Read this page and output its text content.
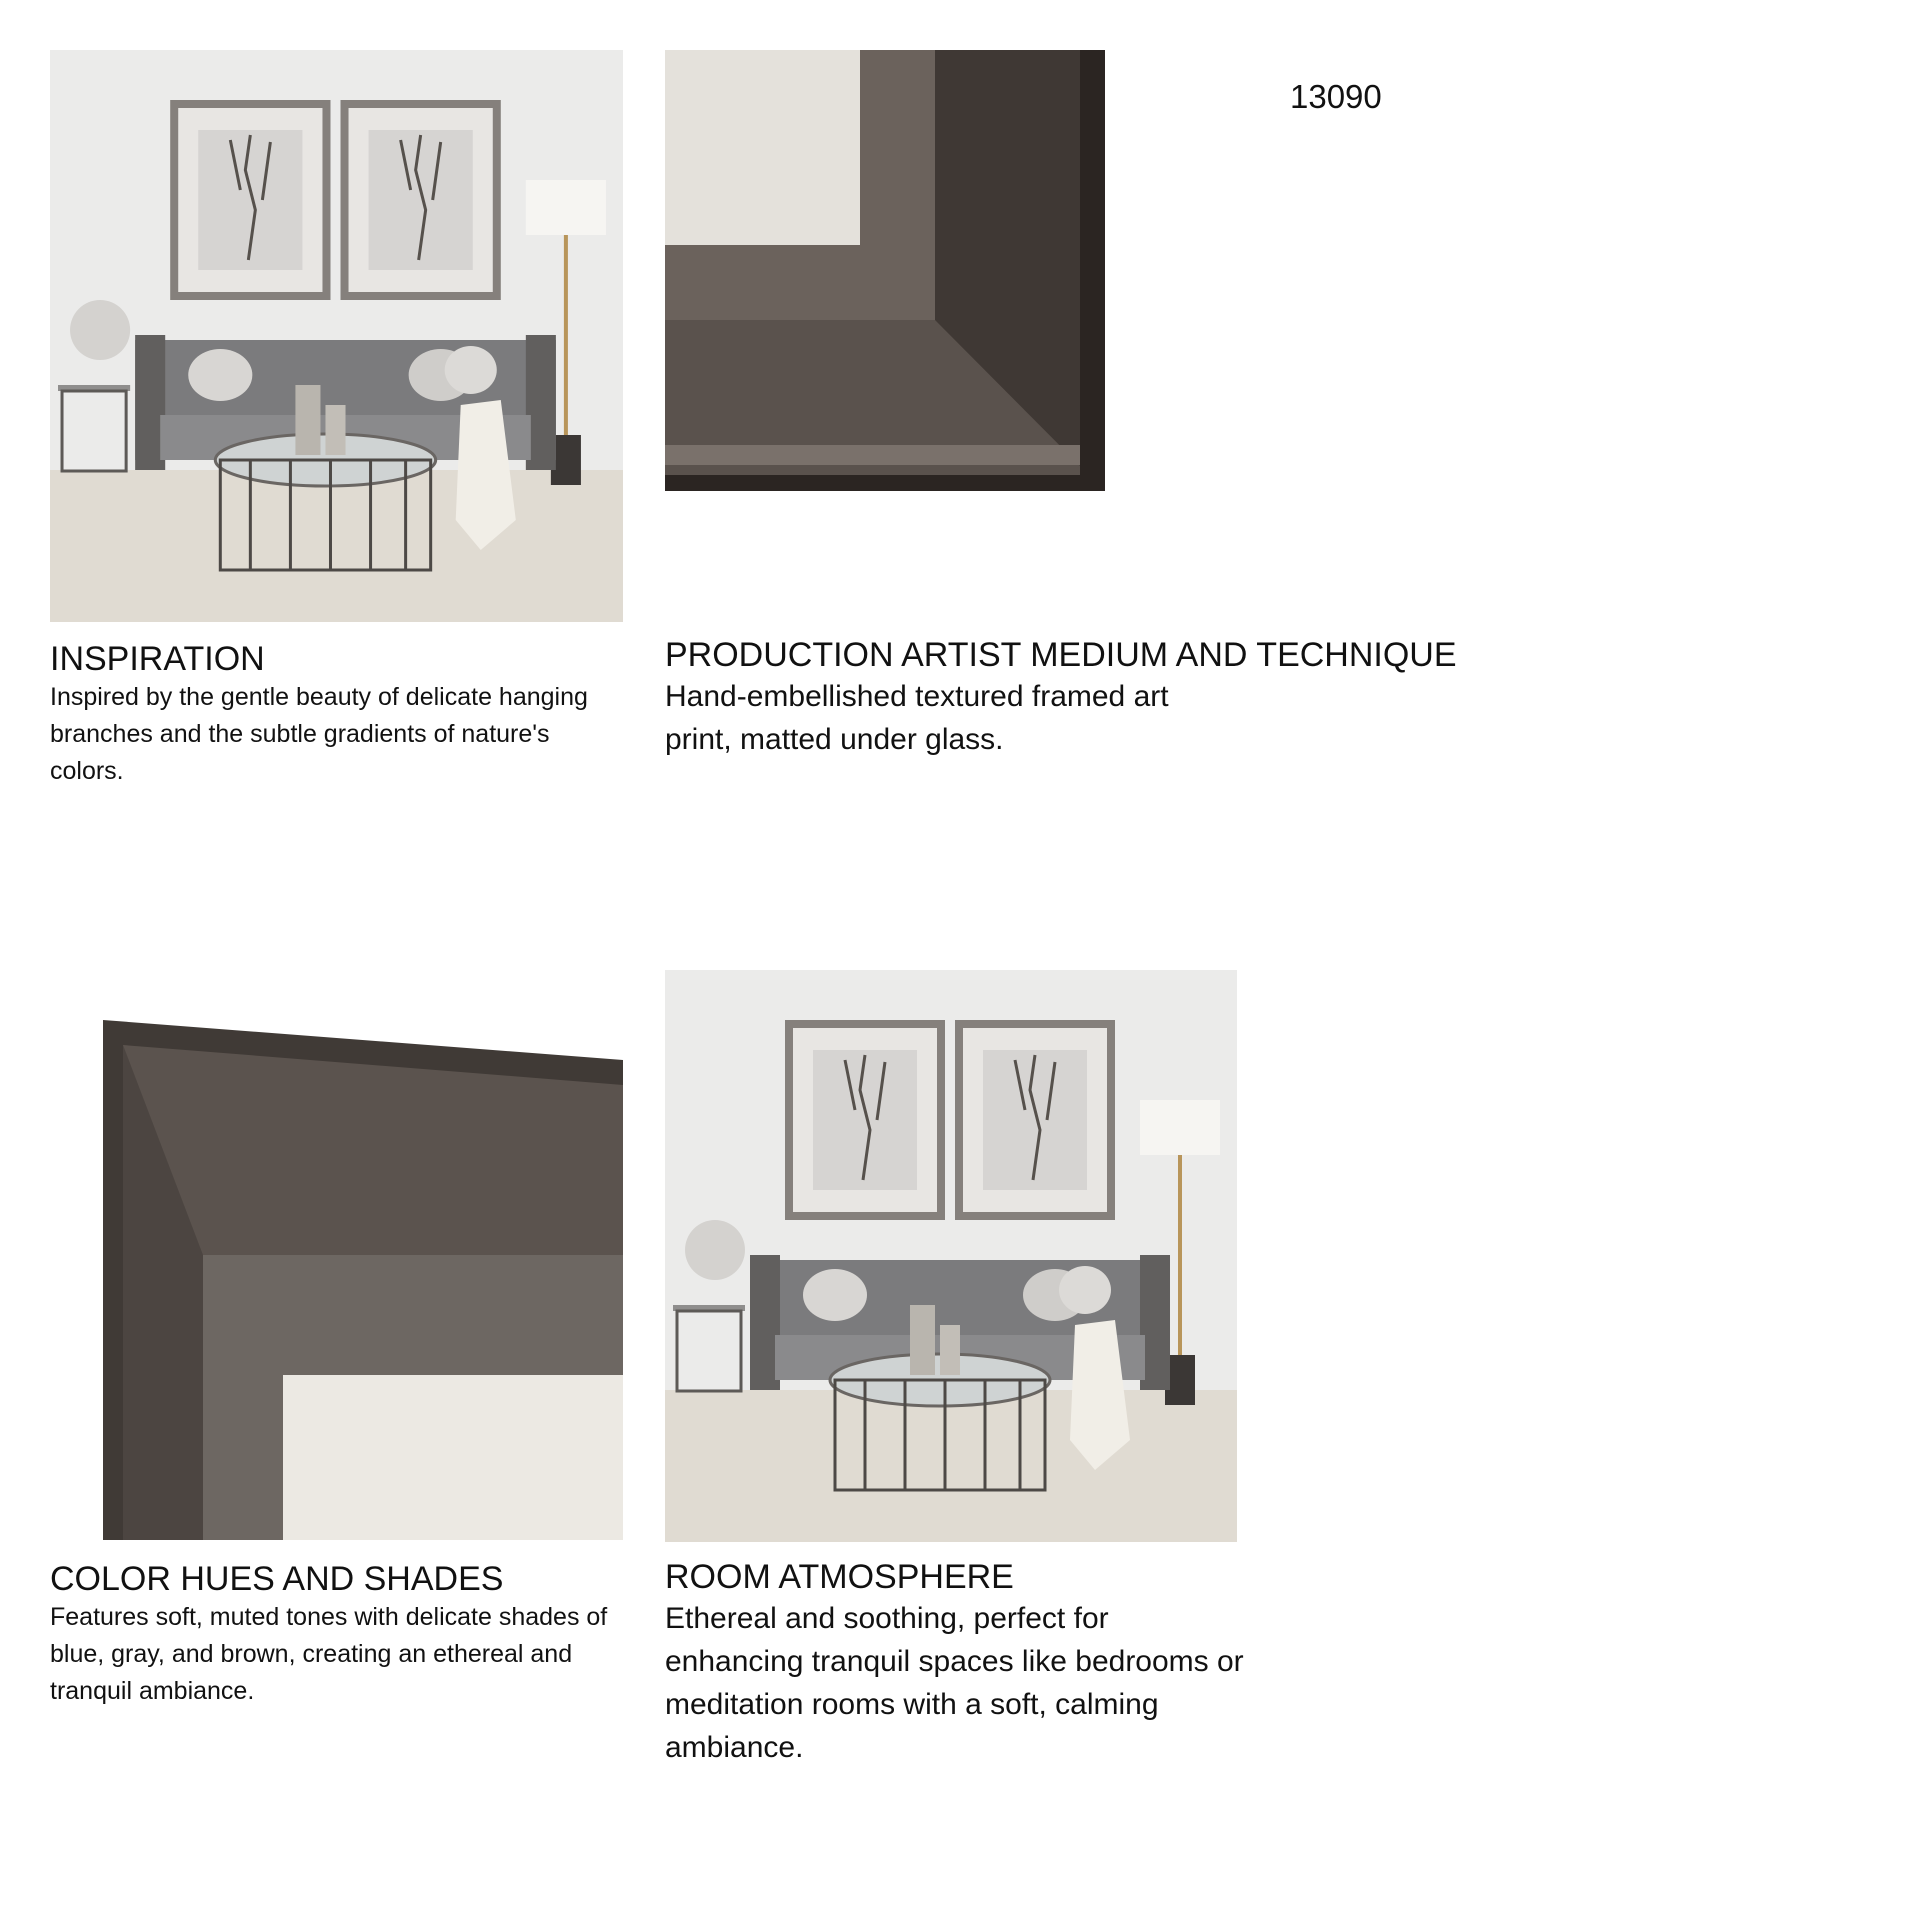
13090
INSPIRATION

Inspired by the gentle beauty of delicate hanging branches and the subtle gradients of nature's colors.

PRODUCTION ARTIST MEDIUM AND TECHNIQUE

Hand-embellished textured framed art print, matted under glass.

COLOR HUES AND SHADES

Features soft, muted tones with delicate shades of blue, gray, and brown, creating an ethereal and tranquil ambiance.

ROOM ATMOSPHERE

Ethereal and soothing, perfect for enhancing tranquil spaces like bedrooms or meditation rooms with a soft, calming ambiance.
